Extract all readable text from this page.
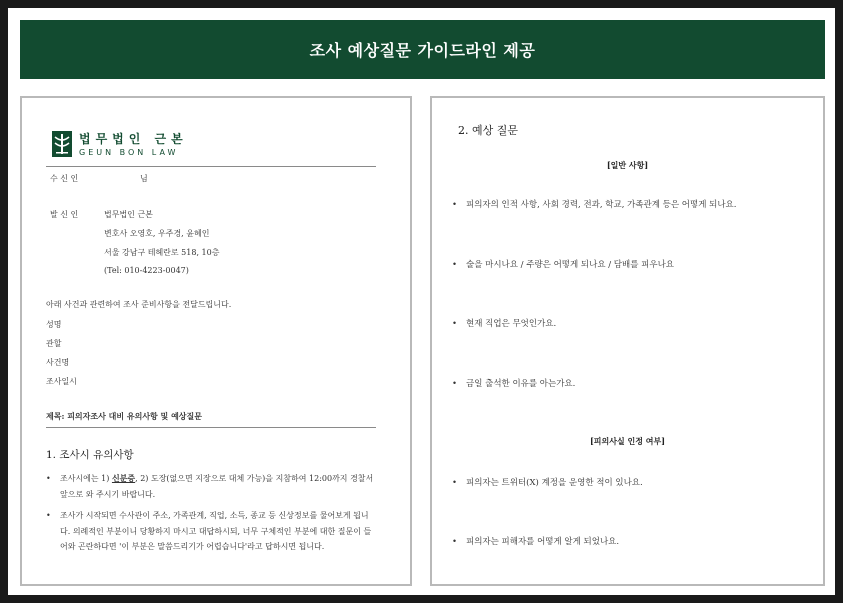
조사 예상질문 가이드라인 제공
법무법인 근본
GEUN BON LAW
수 신 인	님
발 신 인	법무법인 근본
변호사 오영호, 우주경, 윤혜인
서울 강남구 테헤란로 518, 10층
(Tel: 010-4223-0047)
아래 사건과 관련하여 조사 준비사항을 전달드립니다.
성명
관할
사건명
조사일시
제목: 피의자조사 대비 유의사항 및 예상질문
1. 조사시 유의사항
• 조사시에는 1) 신분증, 2) 도장(없으면 지장으로 대체 가능)을 지참하여 12:00까지 경찰서 앞으로 와 주시기 바랍니다.
• 조사가 시작되면 수사관이 주소, 가족관계, 직업, 소득, 종교 등 신상정보를 물어보게 됩니다. 의례적인 부분이니 당황하지 마시고 대답하시되, 너무 구체적인 부분에 대한 질문이 들어와 곤란하다면 '이 부분은 말씀드리기가 어렵습니다'라고 답하시면 됩니다.
2. 예상 질문
[일반 사항]
• 피의자의 인적 사항, 사회 경력, 전과, 학교, 가족관계 등은 어떻게 되나요.
• 술을 마시나요 / 주량은 어떻게 되나요 / 담배를 피우나요
• 현재 직업은 무엇인가요.
• 금일 출석한 이유를 아는가요.
[피의사실 인정 여부]
• 피의자는 트위터(X) 계정을 운영한 적이 있나요.
• 피의자는 피해자를 어떻게 알게 되었나요.
